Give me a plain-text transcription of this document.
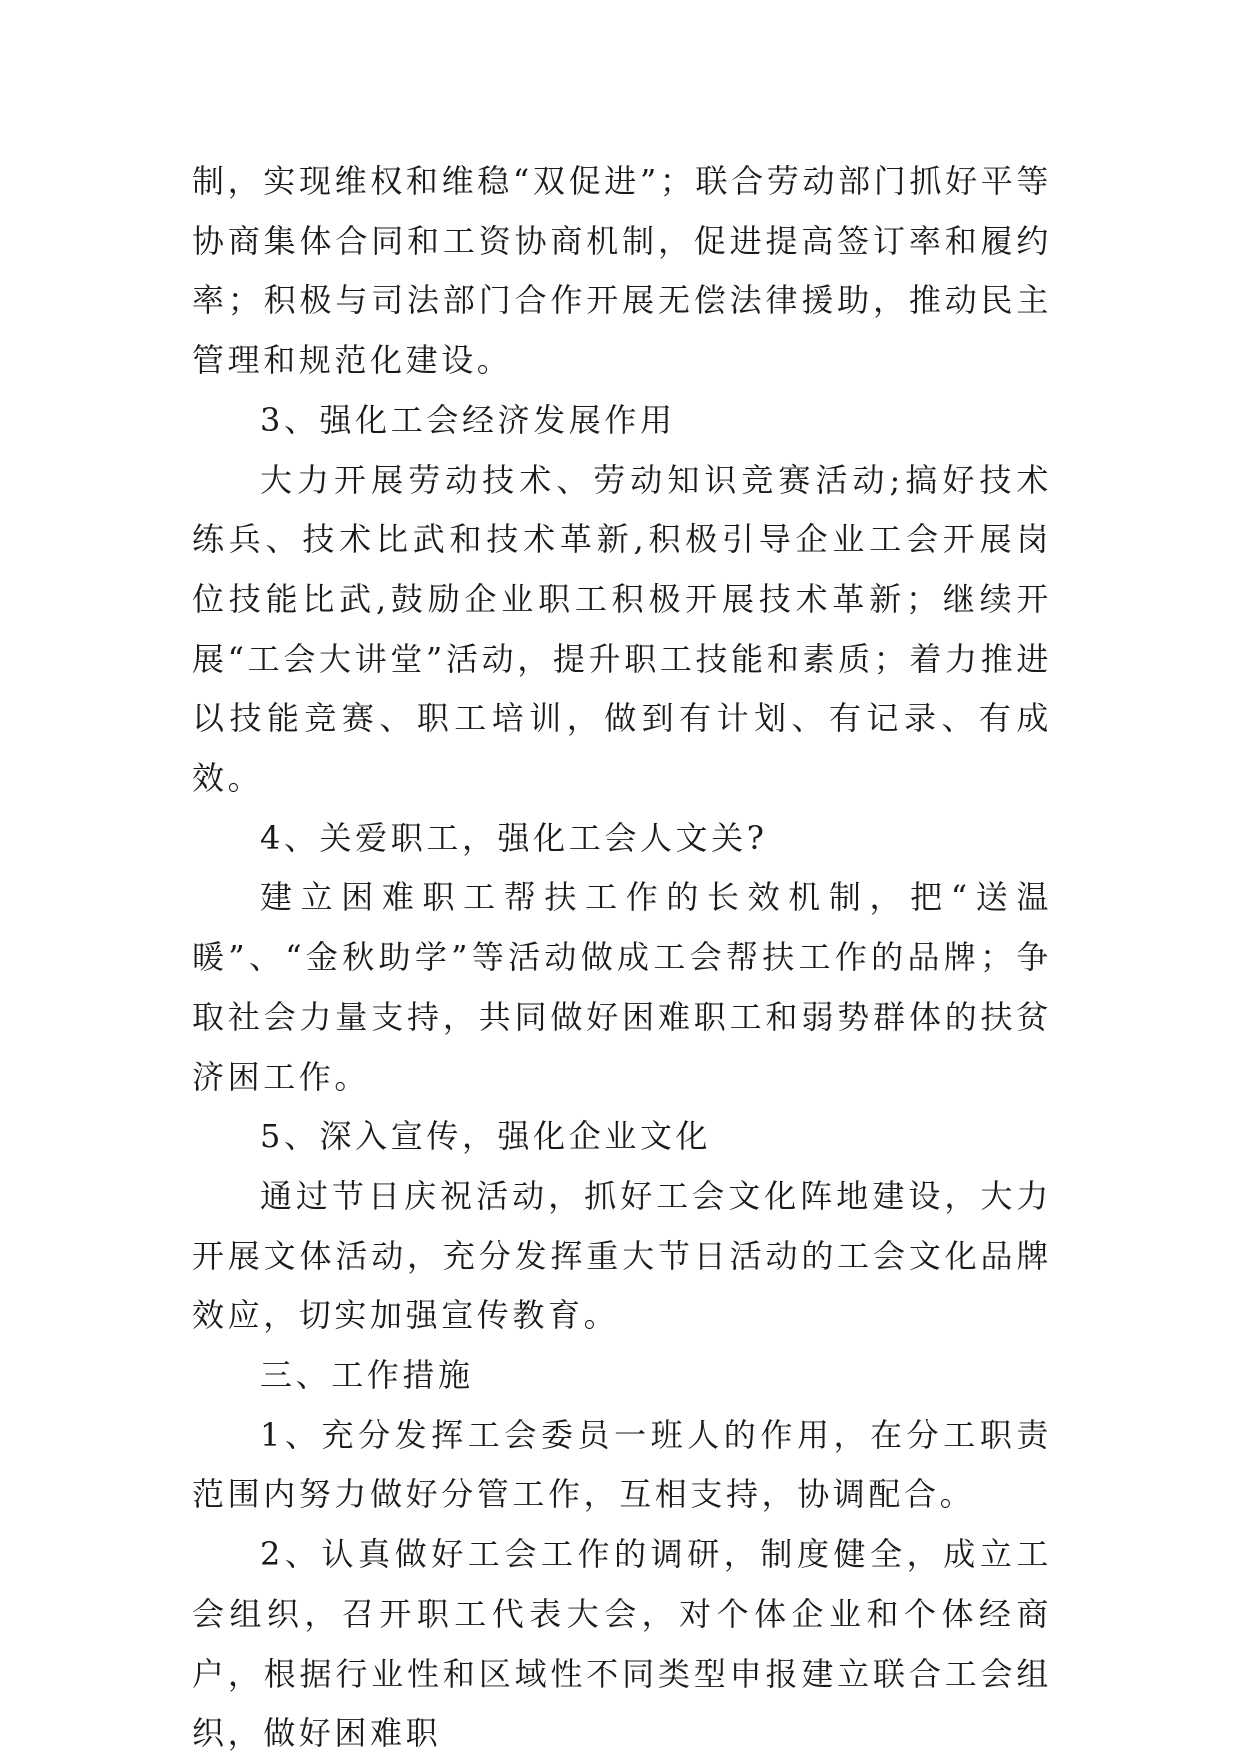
制，实现维权和维稳“双促进”；联合劳动部门抓好平等协商集体合同和工资协商机制，促进提高签订率和履约率；积极与司法部门合作开展无偿法律援助，推动民主管理和规范化建设。

3、强化工会经济发展作用

大力开展劳动技术、劳动知识竞赛活动;搞好技术练兵、技术比武和技术革新,积极引导企业工会开展岗位技能比武,鼓励企业职工积极开展技术革新；继续开展“工会大讲堂”活动，提升职工技能和素质；着力推进以技能竞赛、职工培训，做到有计划、有记录、有成效。

4、关爱职工，强化工会人文关?

建立困难职工帮扶工作的长效机制，把“送温暖”、“金秋助学”等活动做成工会帮扶工作的品牌；争取社会力量支持，共同做好困难职工和弱势群体的扶贫济困工作。

5、深入宣传，强化企业文化

通过节日庆祝活动，抓好工会文化阵地建设，大力开展文体活动，充分发挥重大节日活动的工会文化品牌效应，切实加强宣传教育。

三、工作措施

1、充分发挥工会委员一班人的作用，在分工职责范围内努力做好分管工作，互相支持，协调配合。

2、认真做好工会工作的调研，制度健全，成立工会组织，召开职工代表大会，对个体企业和个体经商户，根据行业性和区域性不同类型申报建立联合工会组织，做好困难职
